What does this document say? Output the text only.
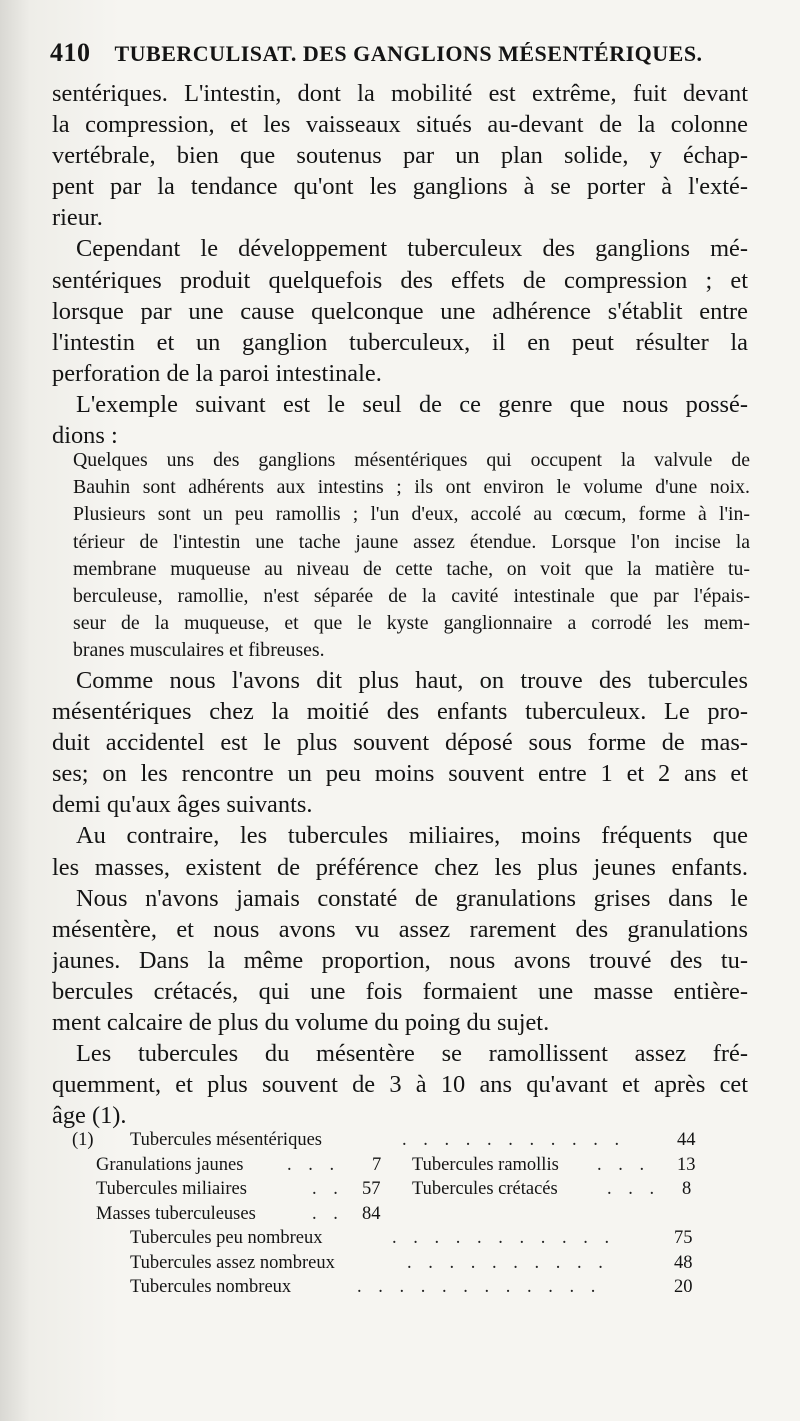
410 TUBERCULISAT. DES GANGLIONS MÉSENTÉRIQUES.
sentériques. L'intestin, dont la mobilité est extrême, fuit devant
la compression, et les vaisseaux situés au-devant de la colonne
vertébrale, bien que soutenus par un plan solide, y échap-
pent par la tendance qu'ont les ganglions à se porter à l'exté-
rieur.
Cependant le développement tuberculeux des ganglions mé-
sentériques produit quelquefois des effets de compression ; et
lorsque par une cause quelconque une adhérence s'établit entre
l'intestin et un ganglion tuberculeux, il en peut résulter la
perforation de la paroi intestinale.
L'exemple suivant est le seul de ce genre que nous possé-
dions :
Quelques uns des ganglions mésentériques qui occupent la valvule de
Bauhin sont adhérents aux intestins ; ils ont environ le volume d'une noix.
Plusieurs sont un peu ramollis ; l'un d'eux, accolé au cœcum, forme à l'in-
térieur de l'intestin une tache jaune assez étendue. Lorsque l'on incise la
membrane muqueuse au niveau de cette tache, on voit que la matière tu-
berculeuse, ramollie, n'est séparée de la cavité intestinale que par l'épais-
seur de la muqueuse, et que le kyste ganglionnaire a corrodé les mem-
branes musculaires et fibreuses.
Comme nous l'avons dit plus haut, on trouve des tubercules
mésentériques chez la moitié des enfants tuberculeux. Le pro-
duit accidentel est le plus souvent déposé sous forme de mas-
ses; on les rencontre un peu moins souvent entre 1 et 2 ans et
demi qu'aux âges suivants.
Au contraire, les tubercules miliaires, moins fréquents que
les masses, existent de préférence chez les plus jeunes enfants.
Nous n'avons jamais constaté de granulations grises dans le
mésentère, et nous avons vu assez rarement des granulations
jaunes. Dans la même proportion, nous avons trouvé des tu-
bercules crétacés, qui une fois formaient une masse entière-
ment calcaire de plus du volume du poing du sujet.
Les tubercules du mésentère se ramollissent assez fré-
quemment, et plus souvent de 3 à 10 ans qu'avant et après cet
âge (1).
(1) Tubercules mésentériques	. . . . . . . . . . .	44
Granulations jaunes . . . 7 Tubercules ramollis . . . 13
Tubercules miliaires	. . 57 Tubercules crétacés	. . . 8
Masses tuberculeuses	. . 84
Tubercules peu nombreux	. . . . . . . . . . .	75
Tubercules assez nombreux	. . . . . . . . . .	48
Tubercules nombreux	. . . . . . . . . . . .	20
